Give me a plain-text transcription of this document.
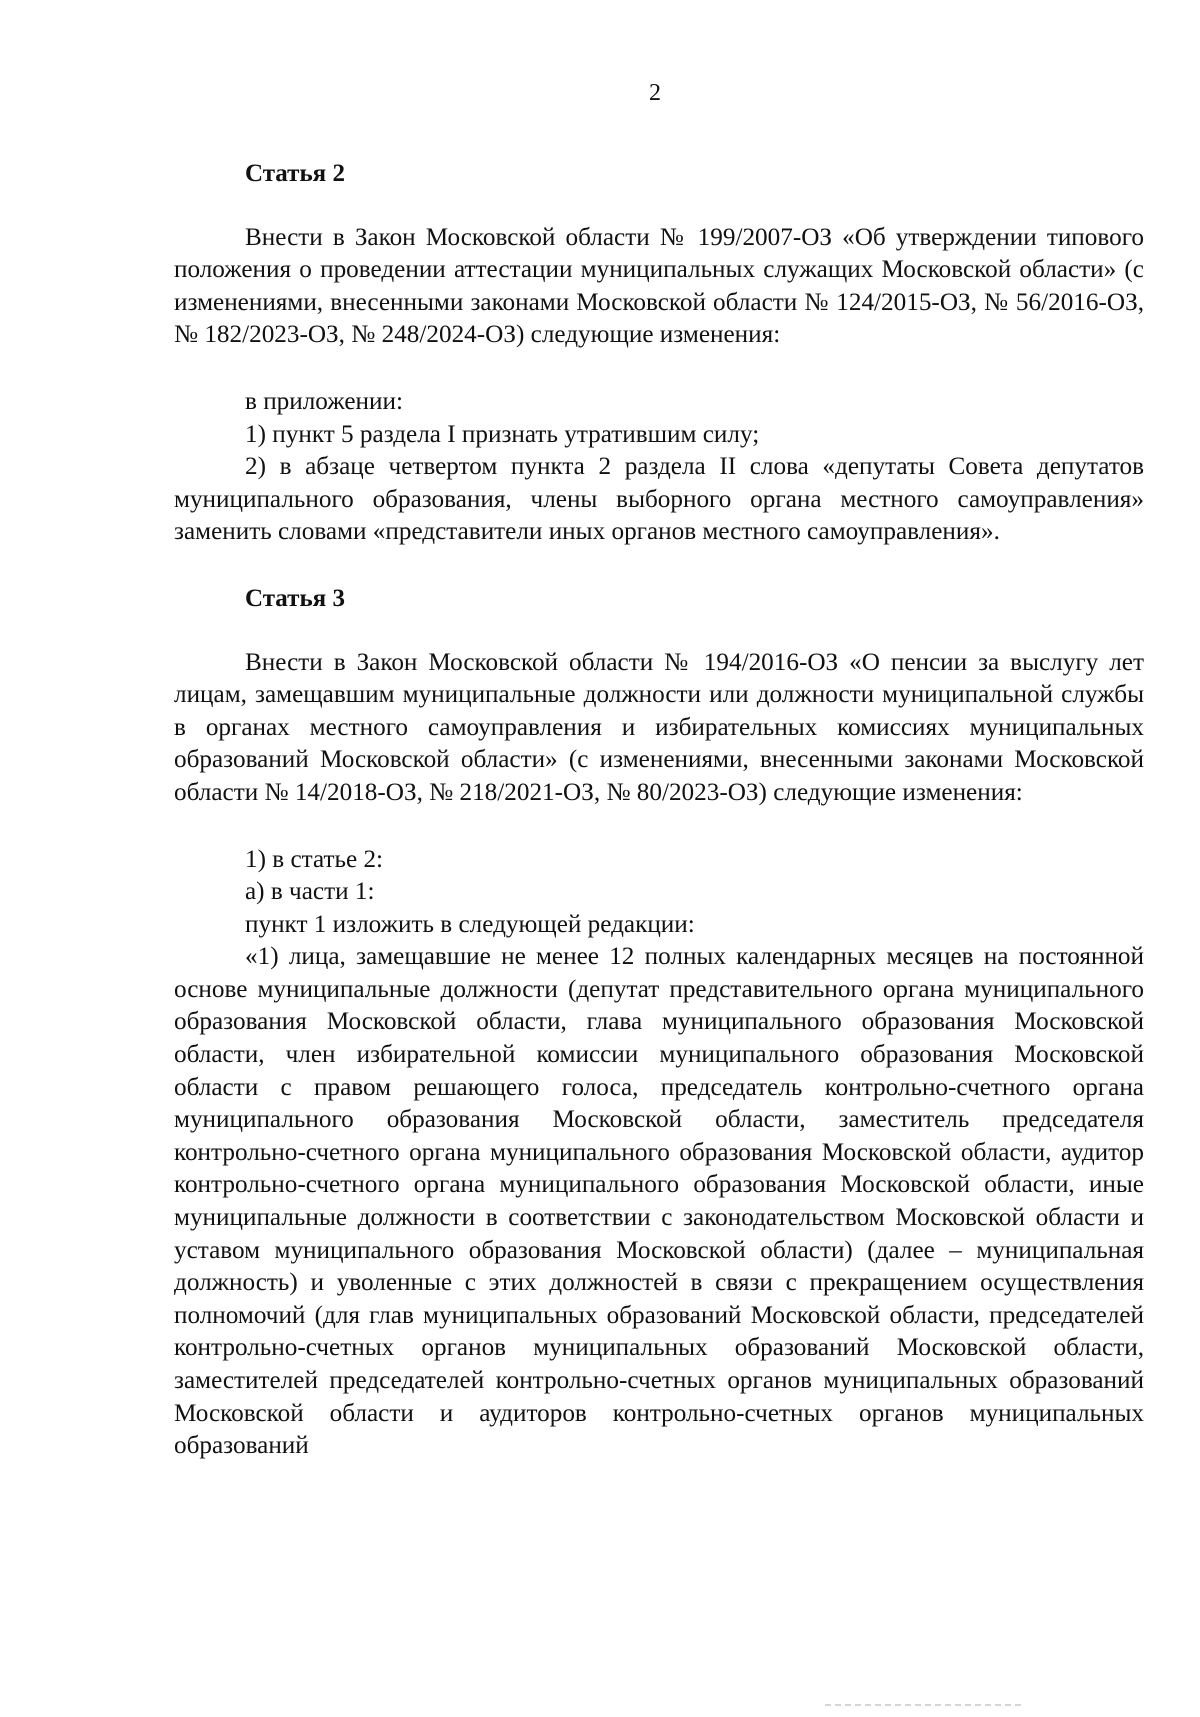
2

Статья 2

Внести в Закон Московской области № 199/2007-ОЗ «Об утверждении типового положения о проведении аттестации муниципальных служащих Московской области» (с изменениями, внесенными законами Московской области № 124/2015-ОЗ, № 56/2016-ОЗ, № 182/2023-ОЗ, № 248/2024-ОЗ) следующие изменения:

в приложении:

1) пункт 5 раздела I признать утратившим силу;

2) в абзаце четвертом пункта 2 раздела II слова «депутаты Совета депутатов муниципального образования, члены выборного органа местного самоуправления» заменить словами «представители иных органов местного самоуправления».

Статья 3

Внести в Закон Московской области № 194/2016-ОЗ «О пенсии за выслугу лет лицам, замещавшим муниципальные должности или должности муниципальной службы в органах местного самоуправления и избирательных комиссиях муниципальных образований Московской области» (с изменениями, внесенными законами Московской области № 14/2018-ОЗ, № 218/2021-ОЗ, № 80/2023-ОЗ) следующие изменения:

1) в статье 2:

а) в части 1:

пункт 1 изложить в следующей редакции:

«1) лица, замещавшие не менее 12 полных календарных месяцев на постоянной основе муниципальные должности (депутат представительного органа муниципального образования Московской области, глава муниципального образования Московской области, член избирательной комиссии муниципального образования Московской области с правом решающего голоса, председатель контрольно-счетного органа муниципального образования Московской области, заместитель председателя контрольно-счетного органа муниципального образования Московской области, аудитор контрольно-счетного органа муниципального образования Московской области, иные муниципальные должности в соответствии с законодательством Московской области и уставом муниципального образования Московской области) (далее – муниципальная должность) и уволенные с этих должностей в связи с прекращением осуществления полномочий (для глав муниципальных образований Московской области, председателей контрольно-счетных органов муниципальных образований Московской области, заместителей председателей контрольно-счетных органов муниципальных образований Московской области и аудиторов контрольно-счетных органов муниципальных образований
